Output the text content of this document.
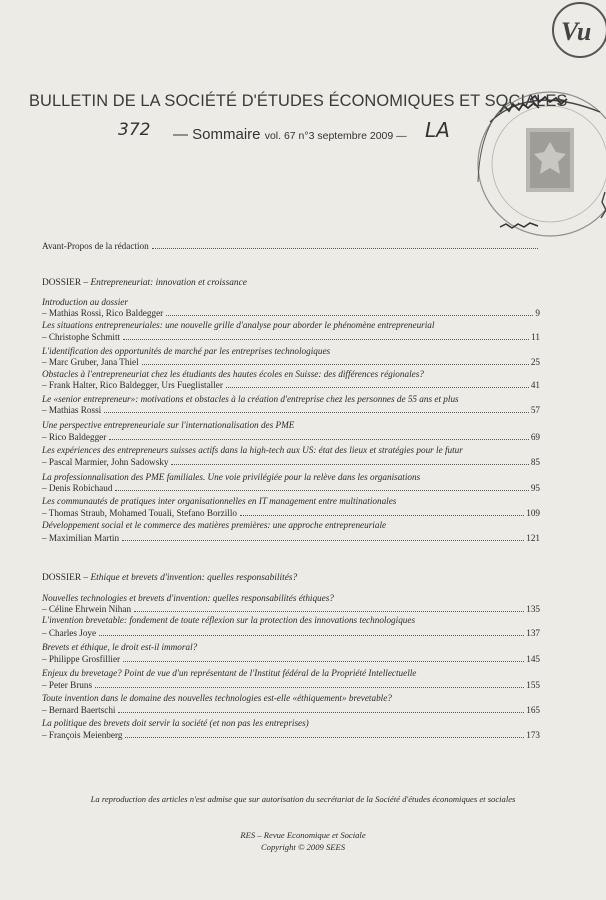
Vu
BULLETIN DE LA SOCIÉTÉ D'ÉTUDES ÉCONOMIQUES ET SOCIALES
372 — Sommaire vol. 67 n°3 septembre 2009 — LA
Avant-Propos de la rédaction
DOSSIER – Entrepreneuriat: innovation et croissance
Introduction au dossier
– Mathias Rossi, Rico Baldegger	9
Les situations entrepreneuriales: une nouvelle grille d'analyse pour aborder le phénomène entrepreneurial
– Christophe Schmitt	11
L'identification des opportunités de marché par les entreprises technologiques
– Marc Gruber, Jana Thiel	25
Obstacles à l'entrepreneuriat chez les étudiants des hautes écoles en Suisse: des différences régionales?
– Frank Halter, Rico Baldegger, Urs Fueglistaller	41
Le «senior entrepreneur»: motivations et obstacles à la création d'entreprise chez les personnes de 55 ans et plus
– Mathias Rossi	57
Une perspective entrepreneuriale sur l'internationalisation des PME
– Rico Baldegger	69
Les expériences des entrepreneurs suisses actifs dans la high-tech aux US: état des lieux et stratégies pour le futur
– Pascal Marmier, John Sadowsky	85
La professionnalisation des PME familiales. Une voie privilégiée pour la relève dans les organisations
– Denis Robichaud	95
Les communautés de pratiques inter organisationnelles en IT management entre multinationales
– Thomas Straub, Mohamed Touali, Stefano Borzillo	109
Développement social et le commerce des matières premières: une approche entrepreneuriale
– Maximilian Martin	121
DOSSIER – Ethique et brevets d'invention: quelles responsabilités?
Nouvelles technologies et brevets d'invention: quelles responsabilités éthiques?
– Céline Ehrwein Nihan	135
L'invention brevetable: fondement de toute réflexion sur la protection des innovations technologiques
– Charles Joye	137
Brevets et éthique, le droit est-il immoral?
– Philippe Grosfillier	145
Enjeux du brevetage? Point de vue d'un représentant de l'Institut fédéral de la Propriété Intellectuelle
– Peter Bruns	155
Toute invention dans le domaine des nouvelles technologies est-elle «éthiquement» brevetable?
– Bernard Baertschi	165
La politique des brevets doit servir la société (et non pas les entreprises)
– François Meienberg	173
La reproduction des articles n'est admise que sur autorisation du secrétariat de la Société d'études économiques et sociales
RES – Revue Economique et Sociale
Copyright © 2009 SEES
